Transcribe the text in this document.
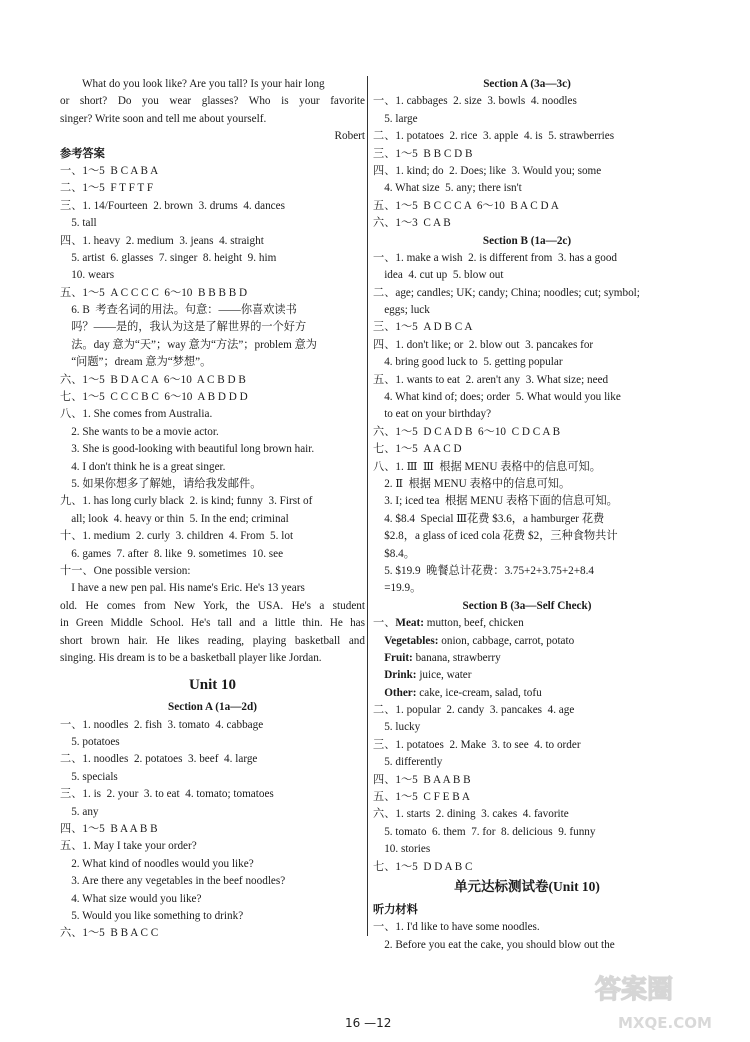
What do you look like? Are you tall? Is your hair long
or short? Do you wear glasses? Who is your favorite
singer? Write soon and tell me about yourself.
Robert
参考答案
一、1～5  B C A B A
二、1～5  F T F T F
三、1. 14/Fourteen  2. brown  3. drums  4. dances
5. tall
四、1. heavy  2. medium  3. jeans  4. straight
5. artist  6. glasses  7. singer  8. height  9. him
10. wears
五、1～5  A C C C C  6～10  B B B B D
6. B  考查名词的用法。句意：——你喜欢读书
吗？——是的，我认为这是了解世界的一个好方
法。day 意为“天”；way 意为“方法”；problem 意为
“问题”；dream 意为“梦想”。
六、1～5  B D A C A  6～10  A C B D B
七、1～5  C C C B C  6～10  A B D D D
八、1. She comes from Australia.
2. She wants to be a movie actor.
3. She is good-looking with beautiful long brown hair.
4. I don't think he is a great singer.
5. 如果你想多了解她，请给我发邮件。
九、1. has long curly black  2. is kind; funny  3. First of
all; look  4. heavy or thin  5. In the end; criminal
十、1. medium  2. curly  3. children  4. From  5. lot
6. games  7. after  8. like  9. sometimes  10. see
十一、One possible version:
I have a new pen pal. His name's Eric. He's 13 years
old. He comes from New York, the USA. He's a student
in Green Middle School. He's tall and a little thin. He has
short brown hair. He likes reading, playing basketball and
singing. His dream is to be a basketball player like Jordan.
Unit 10
Section A (1a—2d)
一、1. noodles  2. fish  3. tomato  4. cabbage
5. potatoes
二、1. noodles  2. potatoes  3. beef  4. large
5. specials
三、1. is  2. your  3. to eat  4. tomato; tomatoes
5. any
四、1～5  B A A B B
五、1. May I take your order?
2. What kind of noodles would you like?
3. Are there any vegetables in the beef noodles?
4. What size would you like?
5. Would you like something to drink?
六、1～5  B B A C C
Section A (3a—3c)
一、1. cabbages  2. size  3. bowls  4. noodles
5. large
二、1. potatoes  2. rice  3. apple  4. is  5. strawberries
三、1～5  B B C D B
四、1. kind; do  2. Does; like  3. Would you; some
4. What size  5. any; there isn't
五、1～5  B C C C A  6～10  B A C D A
六、1～3  C A B
Section B (1a—2c)
一、1. make a wish  2. is different from  3. has a good
idea  4. cut up  5. blow out
二、age; candles; UK; candy; China; noodles; cut; symbol;
eggs; luck
三、1～5  A D B C A
四、1. don't like; or  2. blow out  3. pancakes for
4. bring good luck to  5. getting popular
五、1. wants to eat  2. aren't any  3. What size; need
4. What kind of; does; order  5. What would you like
to eat on your birthday?
六、1～5  D C A D B  6～10  C D C A B
七、1～5  A A C D
八、1. Ⅲ  Ⅲ  根据 MENU 表格中的信息可知。
2. Ⅱ  根据 MENU 表格中的信息可知。
3. I; iced tea  根据 MENU 表格下面的信息可知。
4. $8.4  Special Ⅲ花费 $3.6，a hamburger 花费
$2.8，a glass of iced cola 花费 $2，三种食物共计
$8.4。
5. $19.9  晚餐总计花费：3.75+2+3.75+2+8.4
=19.9。
Section B (3a—Self Check)
一、Meat: mutton, beef, chicken
Vegetables: onion, cabbage, carrot, potato
Fruit: banana, strawberry
Drink: juice, water
Other: cake, ice-cream, salad, tofu
二、1. popular  2. candy  3. pancakes  4. age
5. lucky
三、1. potatoes  2. Make  3. to see  4. to order
5. differently
四、1～5  B A A B B
五、1～5  C F E B A
六、1. starts  2. dining  3. cakes  4. favorite
5. tomato  6. them  7. for  8. delicious  9. funny
10. stories
七、1～5  D D A B C
单元达标测试卷(Unit 10)
听力材料
一、1. I'd like to have some noodles.
2. Before you eat the cake, you should blow out the
16 —12
答案圈
MXQE.COM
